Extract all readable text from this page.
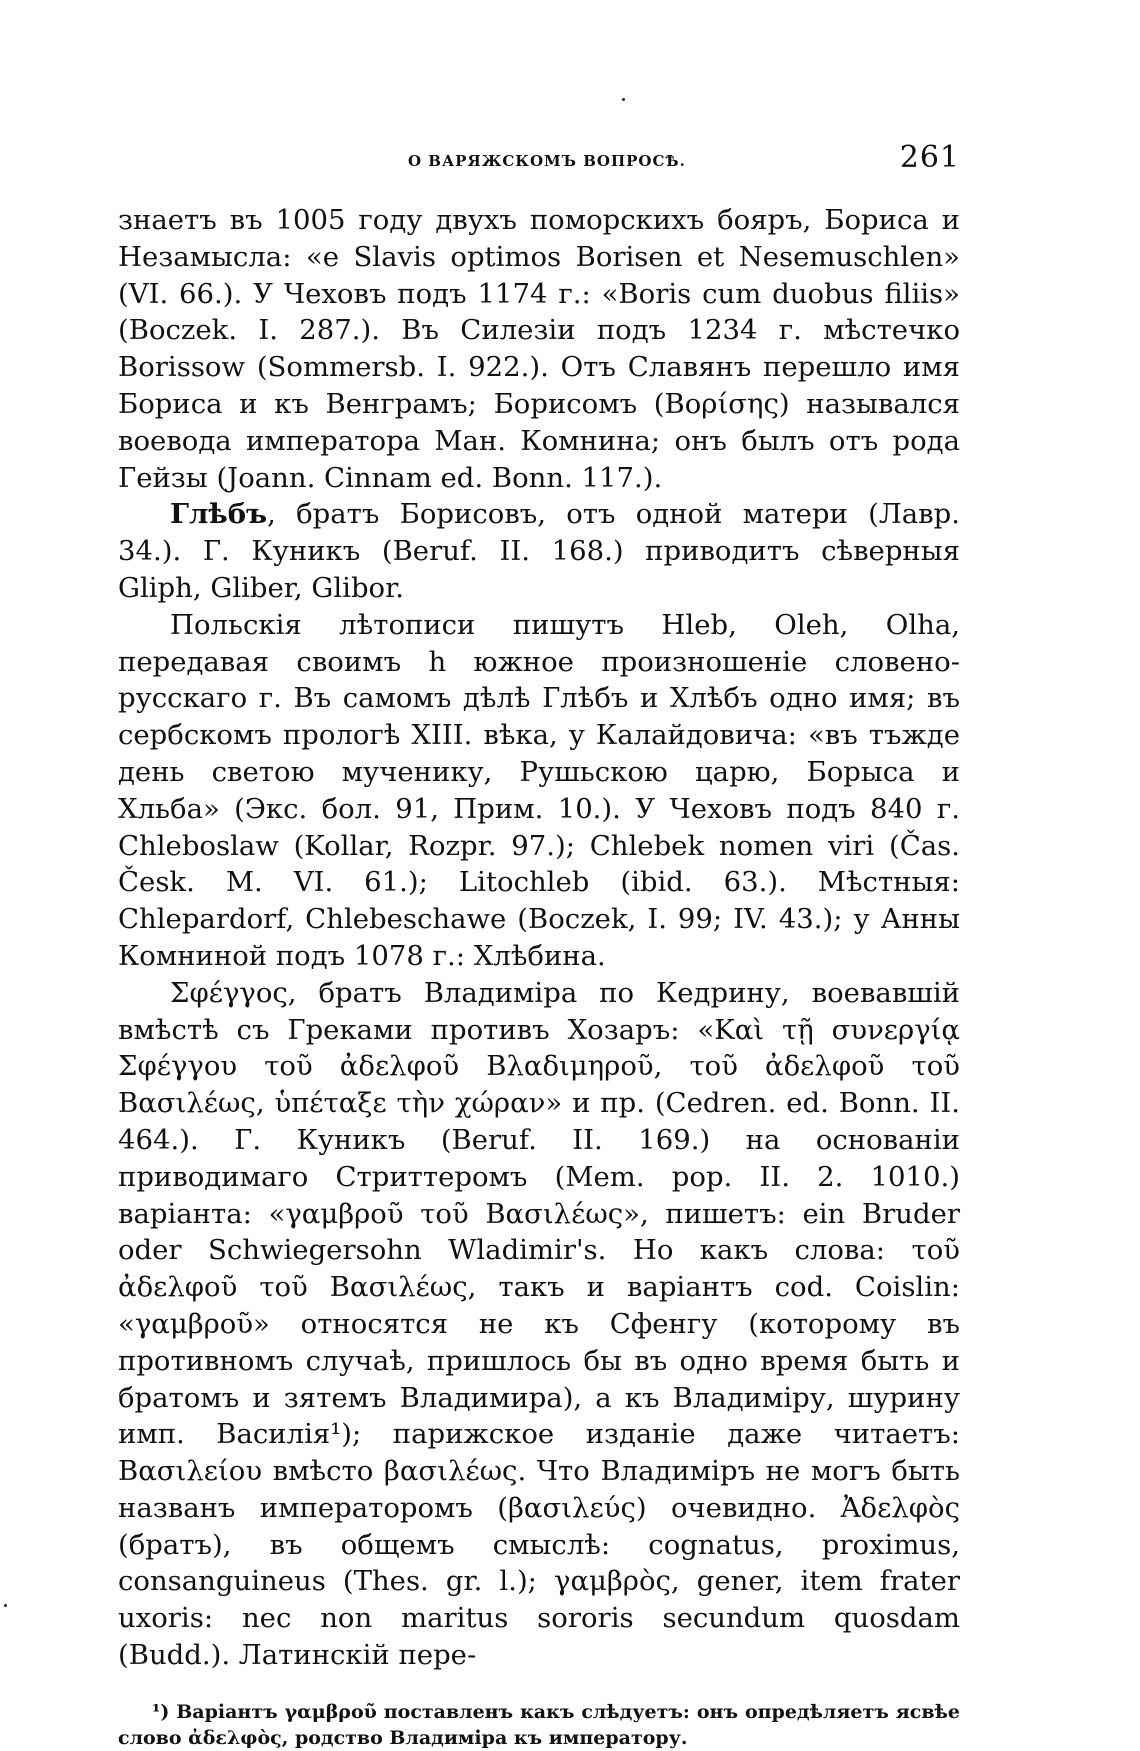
О ВАРЯЖСКОМЪ ВОПРОСѢ.	261

знаетъ въ 1005 году двухъ поморскихъ бояръ, Бориса и Незамысла: «e Slavis optimos Borisen et Nesemuschlen» (VI. 66.). У Чеховъ подъ 1174 г.: «Boris cum duobus filiis» (Boczek. I. 287.). Въ Силезіи подъ 1234 г. мѣстечко Borissow (Sommersb. I. 922.). Отъ Славянъ перешло имя Бориса и къ Венграмъ; Борисомъ (Βορίσης) назывался воевода императора Ман. Комнина; онъ былъ отъ рода Гейзы (Joann. Cinnam ed. Bonn. 117.).

Глѣбъ, братъ Борисовъ, отъ одной матери (Лавр. 34.). Г. Куникъ (Beruf. II. 168.) приводитъ сѣверныя Gliph, Gliber, Glibor.

Польскія лѣтописи пишутъ Hleb, Oleh, Olha, передавая своимъ h южное произношеніе словено-русскаго г. Въ самомъ дѣлѣ Глѣбъ и Хлѣбъ одно имя; въ сербскомъ прологѣ XIII. вѣка, у Калайдовича: «въ тъжде день светою мученику, Рушьскою царю, Борыса и Хльба» (Экс. бол. 91, Прим. 10.). У Чеховъ подъ 840 г. Chleboslaw (Kollar, Rozpr. 97.); Chlebek nomen viri (Čas. Česk. M. VI. 61.); Litochleb (ibid. 63.). Мѣстныя: Chlepardorf, Chlebeschawe (Boczek, I. 99; IV. 43.); у Анны Комниной подъ 1078 г.: Хлѣбина.

Σφέγγος, братъ Владиміра по Кедрину, воевавшій вмѣстѣ съ Греками противъ Хозаръ: «Καὶ τῇ συνεργίᾳ Σφέγγου τοῦ ἀδελφοῦ Βλαδιμηροῦ, τοῦ ἀδελφοῦ τοῦ Βασιλέως, ὑπέταξε τὴν χώραν» и пр. (Cedren. ed. Bonn. II. 464.). Г. Куникъ (Beruf. II. 169.) на основаніи приводимаго Стриттеромъ (Mem. pop. II. 2. 1010.) варіанта: «γαμβροῦ τοῦ Βασιλέως», пишетъ: ein Bruder oder Schwiegersohn Wladimir's. Но какъ слова: τοῦ ἀδελφοῦ τοῦ Βασιλέως, такъ и варіантъ cod. Coislin: «γαμβροῦ» относятся не къ Сфенгу (которому въ противномъ случаѣ, пришлось бы въ одно время быть и братомъ и зятемъ Владимира), а къ Владиміру, шурину имп. Василія¹); парижское изданіе даже читаетъ: Βασιλείου вмѣсто βασιλέως. Что Владиміръ не могъ быть названъ императоромъ (βασιλεύς) очевидно. Ἀδελφὸς (братъ), въ общемъ смыслѣ: cognatus, proximus, consanguineus (Thes. gr. l.); γαμβρὸς, gener, item frater uxoris: nec non maritus sororis secundum quosdam (Budd.). Латинскій пере-

¹) Варіантъ γαμβροῦ поставленъ какъ слѣдуетъ: онъ опредѣляетъ ясвѣе слово ἀδελφὸς, родство Владиміра къ императору.
